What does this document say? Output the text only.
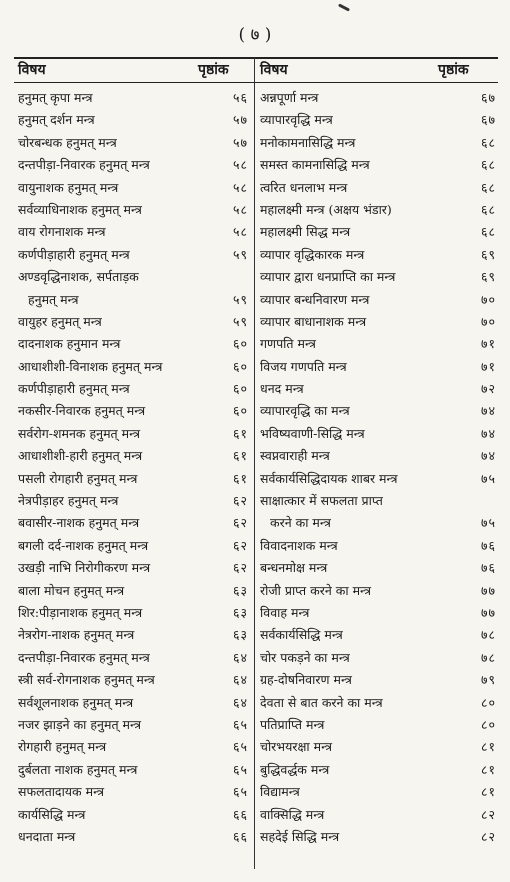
( ७ )
विषय	पृष्ठांक विषय	पृष्ठांक
हनुमत् कृपा मन्त्र	५६
हनुमत् दर्शन मन्त्र	५७
चोरबन्धक हनुमत् मन्त्र	५७
दन्तपीड़ा-निवारक हनुमत् मन्त्र	५८
वायुनाशक हनुमत् मन्त्र	५८
सर्वव्याधिनाशक हनुमत् मन्त्र	५८
वाय रोगनाशक मन्त्र	५८
कर्णपीड़ाहारी हनुमत् मन्त्र	५९
अण्डवृद्धिनाशक, सर्पताड़क
हनुमत् मन्त्र	५९
वायुहर हनुमत् मन्त्र	५९
दादनाशक हनुमान मन्त्र	६०
आधाशीशी-विनाशक हनुमत् मन्त्र	६०
कर्णपीड़ाहारी हनुमत् मन्त्र	६०
नकसीर-निवारक हनुमत् मन्त्र	६०
सर्वरोग-शमनक हनुमत् मन्त्र	६१
आधाशीशी-हारी हनुमत् मन्त्र	६१
पसली रोगहारी हनुमत् मन्त्र	६१
नेत्रपीड़ाहर हनुमत् मन्त्र	६२
बवासीर-नाशक हनुमत् मन्त्र	६२
बगली दर्द-नाशक हनुमत् मन्त्र	६२
उखड़ी नाभि निरोगीकरण मन्त्र	६२
बाला मोचन हनुमत् मन्त्र	६३
शिर:पीड़ानाशक हनुमत् मन्त्र	६३
नेत्ररोग-नाशक हनुमत् मन्त्र	६३
दन्तपीड़ा-निवारक हनुमत् मन्त्र	६४
स्त्री सर्व-रोगनाशक हनुमत् मन्त्र	६४
सर्वशूलनाशक हनुमत् मन्त्र	६४
नजर झाड़ने का हनुमत् मन्त्र	६५
रोगहारी हनुमत् मन्त्र	६५
दुर्बलता नाशक हनुमत् मन्त्र	६५
सफलतादायक मन्त्र	६५
कार्यसिद्धि मन्त्र	६६
धनदाता मन्त्र	६६
अन्नपूर्णा मन्त्र	६७
व्यापारवृद्धि मन्त्र	६७
मनोकामनासिद्धि मन्त्र	६८
समस्त कामनासिद्धि मन्त्र	६८
त्वरित धनलाभ मन्त्र	६८
महालक्ष्मी मन्त्र (अक्षय भंडार)	६८
महालक्ष्मी सिद्ध मन्त्र	६८
व्यापार वृद्धिकारक मन्त्र	६९
व्यापार द्वारा धनप्राप्ति का मन्त्र	६९
व्यापार बन्धनिवारण मन्त्र	७०
व्यापार बाधानाशक मन्त्र	७०
गणपति मन्त्र	७१
विजय गणपति मन्त्र	७१
धनद मन्त्र	७२
व्यापारवृद्धि का मन्त्र	७४
भविष्यवाणी-सिद्धि मन्त्र	७४
स्वप्नवाराही मन्त्र	७४
सर्वकार्यसिद्धिदायक शाबर मन्त्र	७५
साक्षात्कार में सफलता प्राप्त
करने का मन्त्र	७५
विवादनाशक मन्त्र	७६
बन्धनमोक्ष मन्त्र	७६
रोजी प्राप्त करने का मन्त्र	७७
विवाह मन्त्र	७७
सर्वकार्यसिद्धि मन्त्र	७८
चोर पकड़ने का मन्त्र	७८
ग्रह-दोषनिवारण मन्त्र	७९
देवता से बात करने का मन्त्र	८०
पतिप्राप्ति मन्त्र	८०
चोरभयरक्षा मन्त्र	८१
बुद्धिवर्द्धक मन्त्र	८१
विद्यामन्त्र	८१
वाक्सिद्धि मन्त्र	८२
सहदेई सिद्धि मन्त्र	८२
